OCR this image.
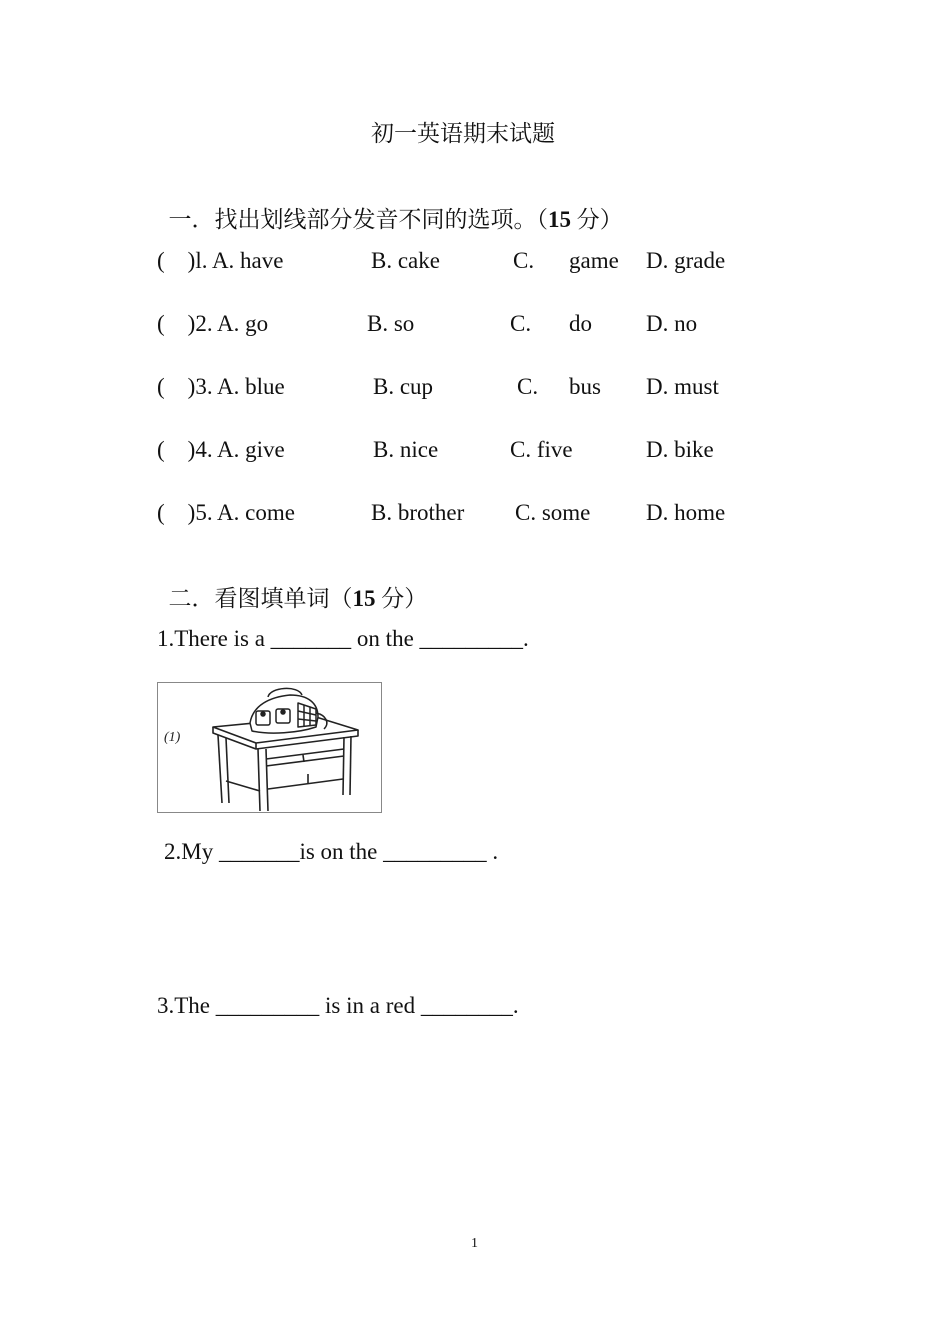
初一英语期末试题

一．找出划线部分发音不同的选项。（15 分）

(    )l. A. have	B. cake	C. game D. grade
(    )2. A. go	B. so	C. do D. no
(    )3. A. blue	B. cup	C. bus D. must
(    )4. A. give	B. nice	C. five	D. bike
(    )5. A. come	B. brother C. some D. home

二．看图填单词（15 分）

1.There is a _______ on the _________.
(1)
2.My _______is on the _________ .
3.The _________ is in a red ________.
1
